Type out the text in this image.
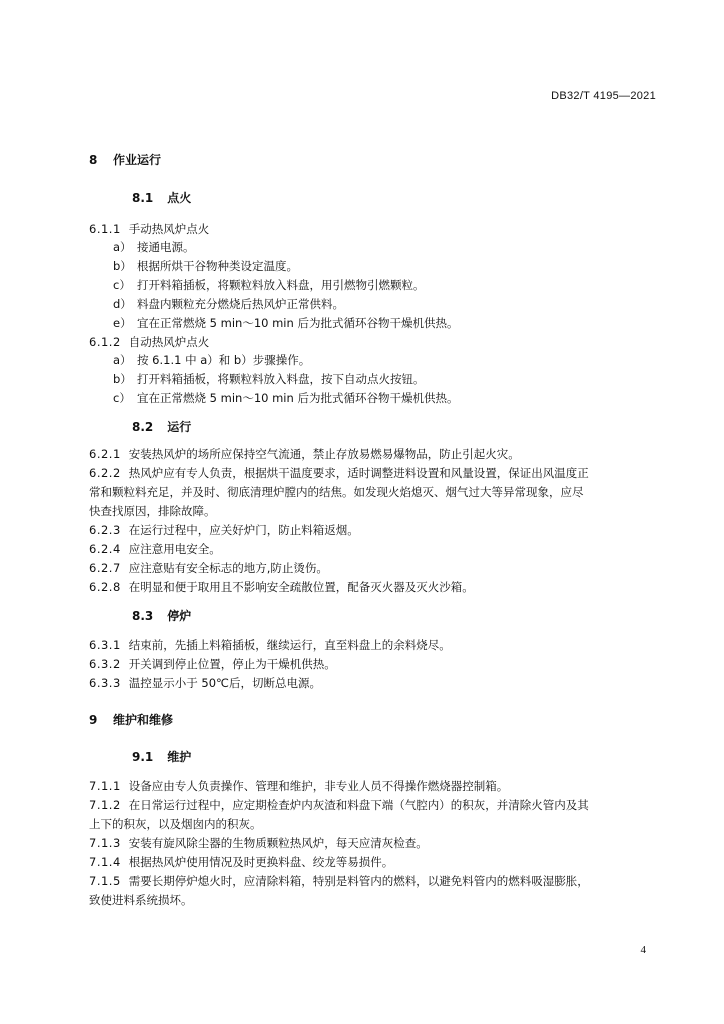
DB32/T 4195—2021
8 作业运行
8.1 点火
6.1.1 手动热风炉点火
a） 接通电源。
b） 根据所烘干谷物种类设定温度。
c） 打开料箱插板，将颗粒料放入料盘，用引燃物引燃颗粒。
d） 料盘内颗粒充分燃烧后热风炉正常供料。
e） 宜在正常燃烧 5 min～10 min 后为批式循环谷物干燥机供热。
6.1.2 自动热风炉点火
a） 按 6.1.1 中 a）和 b）步骤操作。
b） 打开料箱插板，将颗粒料放入料盘，按下自动点火按钮。
c） 宜在正常燃烧 5 min～10 min 后为批式循环谷物干燥机供热。
8.2 运行
6.2.1 安装热风炉的场所应保持空气流通，禁止存放易燃易爆物品，防止引起火灾。
6.2.2 热风炉应有专人负责，根据烘干温度要求，适时调整进料设置和风量设置，保证出风温度正
常和颗粒料充足，并及时、彻底清理炉膛内的结焦。如发现火焰熄灭、烟气过大等异常现象，应尽
快查找原因，排除故障。
6.2.3 在运行过程中，应关好炉门，防止料箱返烟。
6.2.4 应注意用电安全。
6.2.7 应注意贴有安全标志的地方,防止烫伤。
6.2.8 在明显和便于取用且不影响安全疏散位置，配备灭火器及灭火沙箱。
8.3 停炉
6.3.1 结束前，先插上料箱插板，继续运行，直至料盘上的余料烧尽。
6.3.2 开关调到停止位置，停止为干燥机供热。
6.3.3 温控显示小于 50℃后，切断总电源。
9 维护和维修
9.1 维护
7.1.1 设备应由专人负责操作、管理和维护，非专业人员不得操作燃烧器控制箱。
7.1.2 在日常运行过程中，应定期检查炉内灰渣和料盘下端（气腔内）的积灰，并清除火管内及其
上下的积灰，以及烟囱内的积灰。
7.1.3 安装有旋风除尘器的生物质颗粒热风炉，每天应清灰检查。
7.1.4 根据热风炉使用情况及时更换料盘、绞龙等易损件。
7.1.5 需要长期停炉熄火时，应清除料箱，特别是料管内的燃料，以避免料管内的燃料吸湿膨胀，
致使进料系统损坏。
4
